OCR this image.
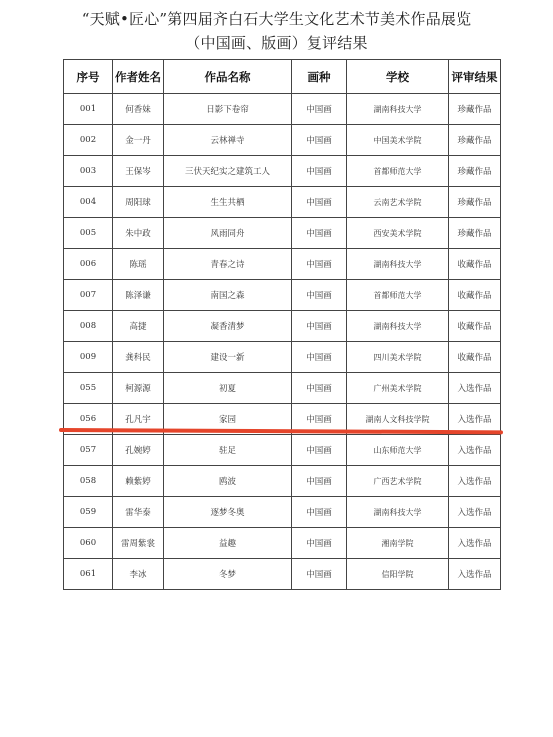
“天赋•匠心”第四届齐白石大学生文化艺术节美术作品展览
（中国画、版画）复评结果
序号	作者姓名	作品名称	画种	学校	评审结果
001	何香妹	日影下卷帘	中国画	湖南科技大学	珍藏作品
002	金一丹	云林禅寺	中国画	中国美术学院	珍藏作品
003	王保岑	三伏天纪实之建筑工人	中国画	首都师范大学	珍藏作品
004	周阳球	生生共栖	中国画	云南艺术学院	珍藏作品
005	朱中政	风雨同舟	中国画	西安美术学院	珍藏作品
006	陈瑶	青春之诗	中国画	湖南科技大学	收藏作品
007	陈泽谦	南国之森	中国画	首都师范大学	收藏作品
008	高捷	凝香清梦	中国画	湖南科技大学	收藏作品
009	龚科民	建设一新	中国画	四川美术学院	收藏作品
055	柯源源	初夏	中国画	广州美术学院	入选作品
056	孔凡宇	家园	中国画	湖南人文科技学院	入选作品
057	孔婉婷	驻足	中国画	山东师范大学	入选作品
058	赖紫婷	鸥波	中国画	广西艺术学院	入选作品
059	雷华泰	逐梦冬奥	中国画	湖南科技大学	入选作品
060	雷周紫裳	益趣	中国画	湘南学院	入选作品
061	李冰	冬梦	中国画	信阳学院	入选作品
